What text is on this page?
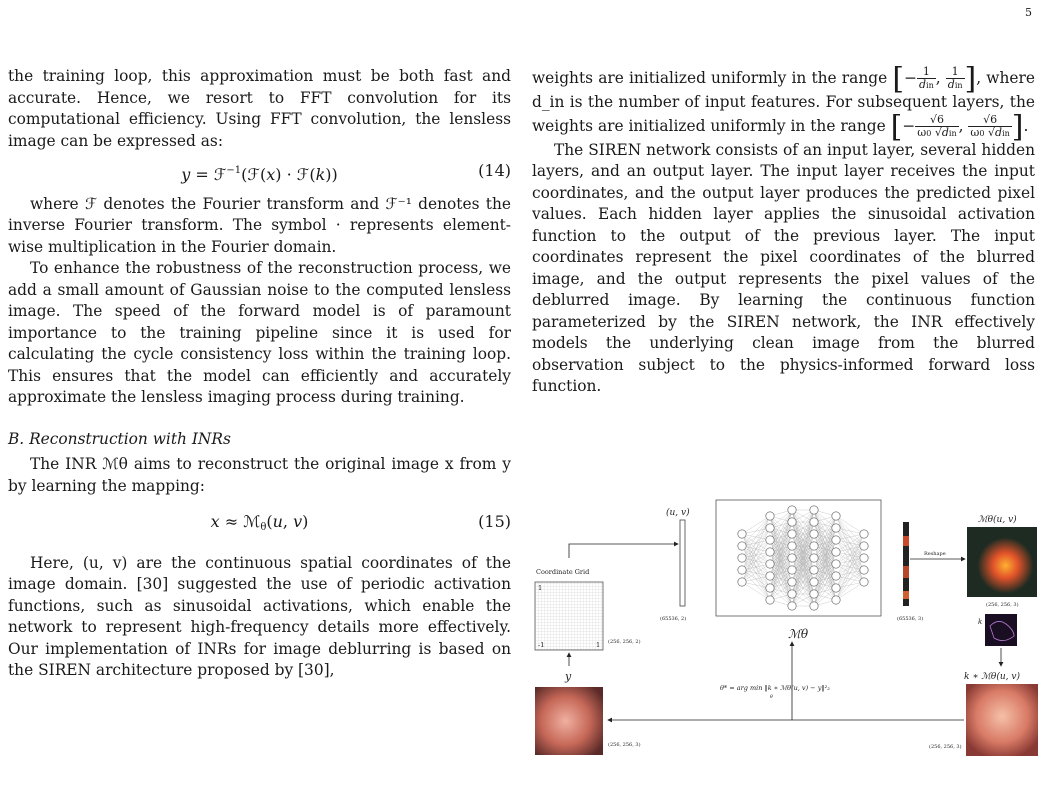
5

the training loop, this approximation must be both fast and accurate. Hence, we resort to FFT convolution for its computational efficiency. Using FFT convolution, the lensless image can be expressed as:

y = ℱ$^{-1}$(ℱ(x) · ℱ(k))	(14)

where ℱ denotes the Fourier transform and ℱ⁻¹ denotes the inverse Fourier transform. The symbol · represents element-wise multiplication in the Fourier domain.

To enhance the robustness of the reconstruction process, we add a small amount of Gaussian noise to the computed lensless image. The speed of the forward model is of paramount importance to the training pipeline since it is used for calculating the cycle consistency loss within the training loop. This ensures that the model can efficiently and accurately approximate the lensless imaging process during training.

B. Reconstruction with INRs

The INR ℳθ aims to reconstruct the original image x from y by learning the mapping:

x ≈ ℳ$_\theta$(u, v)	(15)

Here, (u, v) are the continuous spatial coordinates of the image domain. [30] suggested the use of periodic activation functions, such as sinusoidal activations, which enable the network to represent high-frequency details more effectively. Our implementation of INRs for image deblurring is based on the SIREN architecture proposed by [30],

weights are initialized uniformly in the range [− $\frac{1}{\text{din}}$ , $\frac{1}{\text{din}}$ ], where d_in is the number of input features. For subsequent layers, the weights are initialized uniformly in the range [− $\frac{√6}{\text{ω0 √din}}$ , $\frac{√6}{\text{ω0 √din}}$ ].

The SIREN network consists of an input layer, several hidden layers, and an output layer. The input layer receives the input coordinates, and the output layer produces the predicted pixel values. Each hidden layer applies the sinusoidal activation function to the output of the previous layer. The input coordinates represent the pixel coordinates of the blurred image, and the output represents the pixel values of the deblurred image. By learning the continuous function parameterized by the SIREN network, the INR effectively models the underlying clean image from the blurred observation subject to the physics-informed forward loss function.

Coordinate Grid
1
-1	1 (256, 256, 2)
(u, v)
(65536, 2)
ℳθ
(65536, 3)
Reshape
ℳθ(u, v)
(256, 256, 3)
k
k ∗ ℳθ(u, v)
y
(256, 256, 3)	(256, 256, 3)
θ* = arg min ‖k ∗ ℳθ(u, v) − y‖²₂
θ
